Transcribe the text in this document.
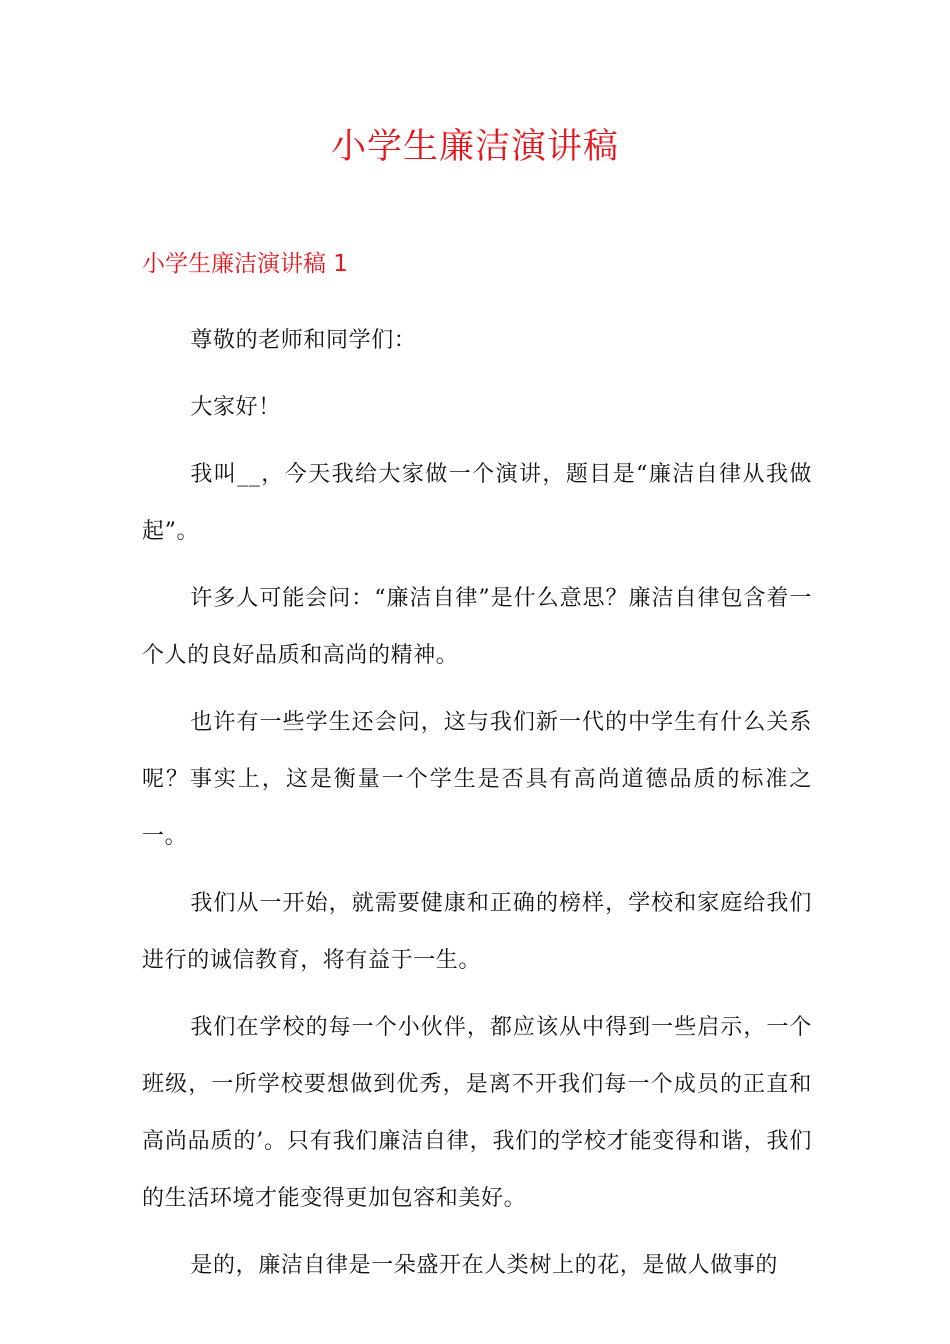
小学生廉洁演讲稿
小学生廉洁演讲稿 1

尊敬的老师和同学们：

大家好！

我叫__，今天我给大家做一个演讲，题目是“廉洁自律从我做起”。

许多人可能会问：“廉洁自律”是什么意思？廉洁自律包含着一个人的良好品质和高尚的精神。

也许有一些学生还会问，这与我们新一代的中学生有什么关系呢？事实上，这是衡量一个学生是否具有高尚道德品质的标准之一。

我们从一开始，就需要健康和正确的榜样，学校和家庭给我们进行的诚信教育，将有益于一生。

我们在学校的每一个小伙伴，都应该从中得到一些启示，一个班级，一所学校要想做到优秀，是离不开我们每一个成员的正直和高尚品质的’。只有我们廉洁自律，我们的学校才能变得和谐，我们的生活环境才能变得更加包容和美好。

是的，廉洁自律是一朵盛开在人类树上的花，是做人做事的
